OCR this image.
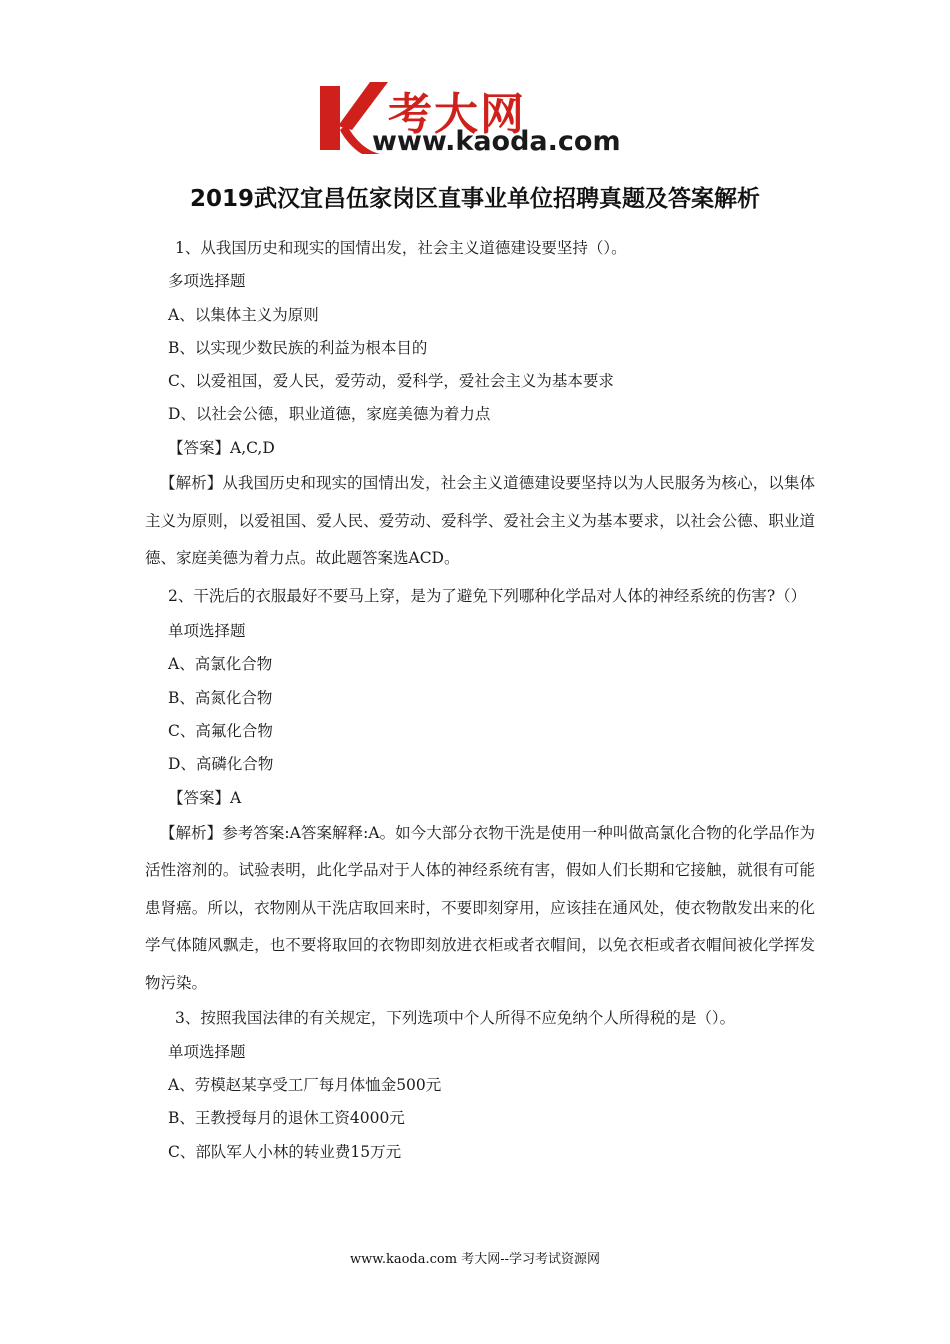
考大网
www.kaoda.com
2019武汉宜昌伍家岗区直事业单位招聘真题及答案解析
1、从我国历史和现实的国情出发，社会主义道德建设要坚持（）。
多项选择题
A、以集体主义为原则
B、以实现少数民族的利益为根本目的
C、以爱祖国，爱人民，爱劳动，爱科学，爱社会主义为基本要求
D、以社会公德，职业道德，家庭美德为着力点
【答案】A,C,D
【解析】从我国历史和现实的国情出发，社会主义道德建设要坚持以为人民服务为核心，以集体主义为原则，以爱祖国、爱人民、爱劳动、爱科学、爱社会主义为基本要求，以社会公德、职业道德、家庭美德为着力点。故此题答案选ACD。
2、干洗后的衣服最好不要马上穿，是为了避免下列哪种化学品对人体的神经系统的伤害?（）
单项选择题
A、高氯化合物
B、高氮化合物
C、高氟化合物
D、高磷化合物
【答案】A
【解析】参考答案:A答案解释:A。如今大部分衣物干洗是使用一种叫做高氯化合物的化学品作为活性溶剂的。试验表明，此化学品对于人体的神经系统有害，假如人们长期和它接触，就很有可能患肾癌。所以，衣物刚从干洗店取回来时，不要即刻穿用，应该挂在通风处，使衣物散发出来的化学气体随风飘走，也不要将取回的衣物即刻放进衣柜或者衣帽间，以免衣柜或者衣帽间被化学挥发物污染。
3、按照我国法律的有关规定，下列选项中个人所得不应免纳个人所得税的是（）。
单项选择题
A、劳模赵某享受工厂每月体恤金500元
B、王教授每月的退休工资4000元
C、部队军人小林的转业费15万元
www.kaoda.com 考大网--学习考试资源网
